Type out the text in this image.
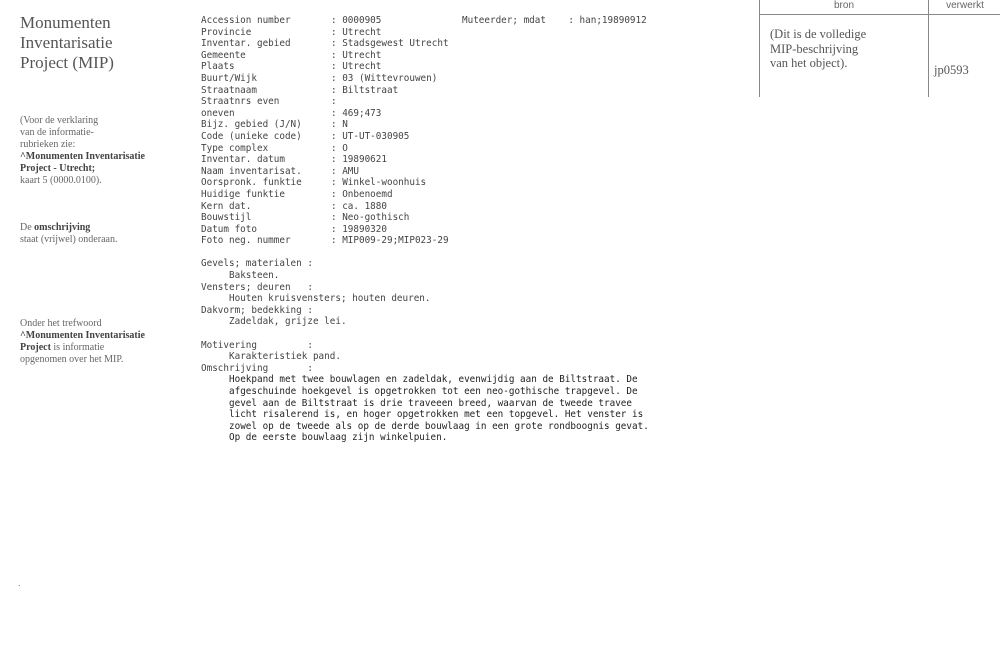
Monumenten
Inventarisatie
Project (MIP)
(Voor de verklaring
van de informatie-
rubrieken zie:
^Monumenten Inventarisatie
Project - Utrecht;
kaart 5 (0000.0100).
De omschrijving
staat (vrijwel) onderaan.
Onder het trefwoord
^Monumenten Inventarisatie
Project is informatie
opgenomen over het MIP.
bron	verwerkt
(Dit is de volledige
MIP-beschrijving
van het object).	jp0593
Muteerder; mdat    : han;19890912
Accession number	: 0000905
Provincie	: Utrecht
Inventar. gebied	: Stadsgewest Utrecht
Gemeente	: Utrecht
Plaats	: Utrecht
Buurt/Wijk	: 03 (Wittevrouwen)
Straatnaam	: Biltstraat
Straatnrs even	:
oneven	: 469;473
Bijz. gebied (J/N)	: N
Code (unieke code)	: UT-UT-030905
Type complex	: O
Inventar. datum	: 19890621
Naam inventarisat.	: AMU
Oorspronk. funktie	: Winkel-woonhuis
Huidige funktie	: Onbenoemd
Kern dat.	: ca. 1880
Bouwstijl	: Neo-gothisch
Datum foto	: 19890320
Foto neg. nummer	: MIP009-29;MIP023-29
Gevels; materialen :
Baksteen.
Vensters; deuren   :
Houten kruisvensters; houten deuren.
Dakvorm; bedekking :
Zadeldak, grijze lei.
Motivering         :
Karakteristiek pand.
Omschrijving       :
Hoekpand met twee bouwlagen en zadeldak, evenwijdig aan de Biltstraat. De
afgeschuinde hoekgevel is opgetrokken tot een neo-gothische trapgevel. De
gevel aan de Biltstraat is drie traveeen breed, waarvan de tweede travee
licht risalerend is, en hoger opgetrokken met een topgevel. Het venster is
zowel op de tweede als op de derde bouwlaag in een grote rondboognis gevat.
Op de eerste bouwlaag zijn winkelpuien.
.
